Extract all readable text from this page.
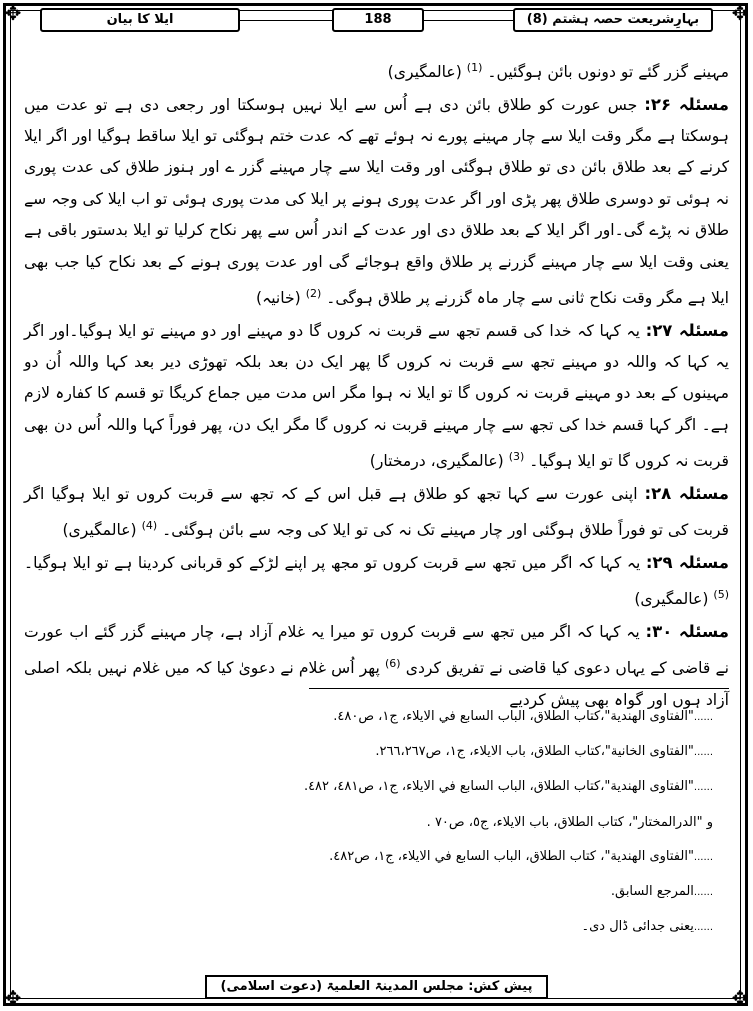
✥	✥
✥	✥
بہارِشریعت حصہ ہشتم (8)
188
ایلا کا بیان

مہینے گزر گئے تو دونوں بائن ہوگئیں۔ $^{(1)}$ (عالمگیری)

مسئلہ ۲۶: جس عورت کو طلاق بائن دی ہے اُس سے ایلا نہیں ہوسکتا اور رجعی دی ہے تو عدت میں ہوسکتا ہے مگر وقت ایلا سے چار مہینے پورے نہ ہوئے تھے کہ عدت ختم ہوگئی تو ایلا ساقط ہوگیا اور اگر ایلا کرنے کے بعد طلاق بائن دی تو طلاق ہوگئی اور وقت ایلا سے چار مہینے گزر ے اور ہنوز طلاق کی عدت پوری نہ ہوئی تو دوسری طلاق پھر پڑی اور اگر عدت پوری ہونے پر ایلا کی مدت پوری ہوئی تو اب ایلا کی وجہ سے طلاق نہ پڑے گی۔اور اگر ایلا کے بعد طلاق دی اور عدت کے اندر اُس سے پھر نکاح کرلیا تو ایلا بدستور باقی ہے یعنی وقت ایلا سے چار مہینے گزرنے پر طلاق واقع ہوجائے گی اور عدت پوری ہونے کے بعد نکاح کیا جب بھی ایلا ہے مگر وقت نکاح ثانی سے چار ماہ گزرنے پر طلاق ہوگی۔ $^{(2)}$ (خانیہ)

مسئلہ ۲۷: یہ کہا کہ خدا کی قسم تجھ سے قربت نہ کروں گا دو مہینے اور دو مہینے تو ایلا ہوگیا۔اور اگر یہ کہا کہ واللہ دو مہینے تجھ سے قربت نہ کروں گا پھر ایک دن بعد بلکہ تھوڑی دیر بعد کہا واللہ اُن دو مہینوں کے بعد دو مہینے قربت نہ کروں گا تو ایلا نہ ہوا مگر اس مدت میں جماع کریگا تو قسم کا کفارہ لازم ہے۔ اگر کہا قسم خدا کی تجھ سے چار مہینے قربت نہ کروں گا مگر ایک دن، پھر فوراً کہا واللہ اُس دن بھی قربت نہ کروں گا تو ایلا ہوگیا۔ $^{(3)}$ (عالمگیری، درمختار)

مسئلہ ۲۸: اپنی عورت سے کہا تجھ کو طلاق ہے قبل اس کے کہ تجھ سے قربت کروں تو ایلا ہوگیا اگر قربت کی تو فوراً طلاق ہوگئی اور چار مہینے تک نہ کی تو ایلا کی وجہ سے بائن ہوگئی۔ $^{(4)}$ (عالمگیری)

مسئلہ ۲۹: یہ کہا کہ اگر میں تجھ سے قربت کروں تو مجھ پر اپنے لڑکے کو قربانی کردینا ہے تو ایلا ہوگیا۔ $^{(5)}$ (عالمگیری)

مسئلہ ۳۰: یہ کہا کہ اگر میں تجھ سے قربت کروں تو میرا یہ غلام آزاد ہے، چار مہینے گزر گئے اب عورت نے قاضی کے یہاں دعوی کیا قاضی نے تفریق کردی $^{(6)}$ پھر اُس غلام نے دعویٰ کیا کہ میں غلام نہیں بلکہ اصلی آزاد ہوں اور گواہ بھی پیش کردیے

......"الفتاوی الهندية"،كتاب الطلاق، الباب السابع في الايلاء، ج١، ص٤٨٠.
......"الفتاوی الخانية"،كتاب الطلاق، باب الايلاء، ج١، ص٢٦٦،٢٦٧.
......"الفتاوی الهندية"،كتاب الطلاق، الباب السابع في الايلاء، ج١، ص٤٨١، ٤٨٢.
و "الدرالمختار"، كتاب الطلاق، باب الايلاء، ج٥، ص٧٠ .
......"الفتاوی الهندية"، كتاب الطلاق، الباب السابع في الايلاء، ج١، ص٤٨٢.
......المرجع السابق.
......یعنی جدائی ڈال دی۔
پیش کش: مجلس المدینۃ العلمیۃ (دعوت اسلامی)
